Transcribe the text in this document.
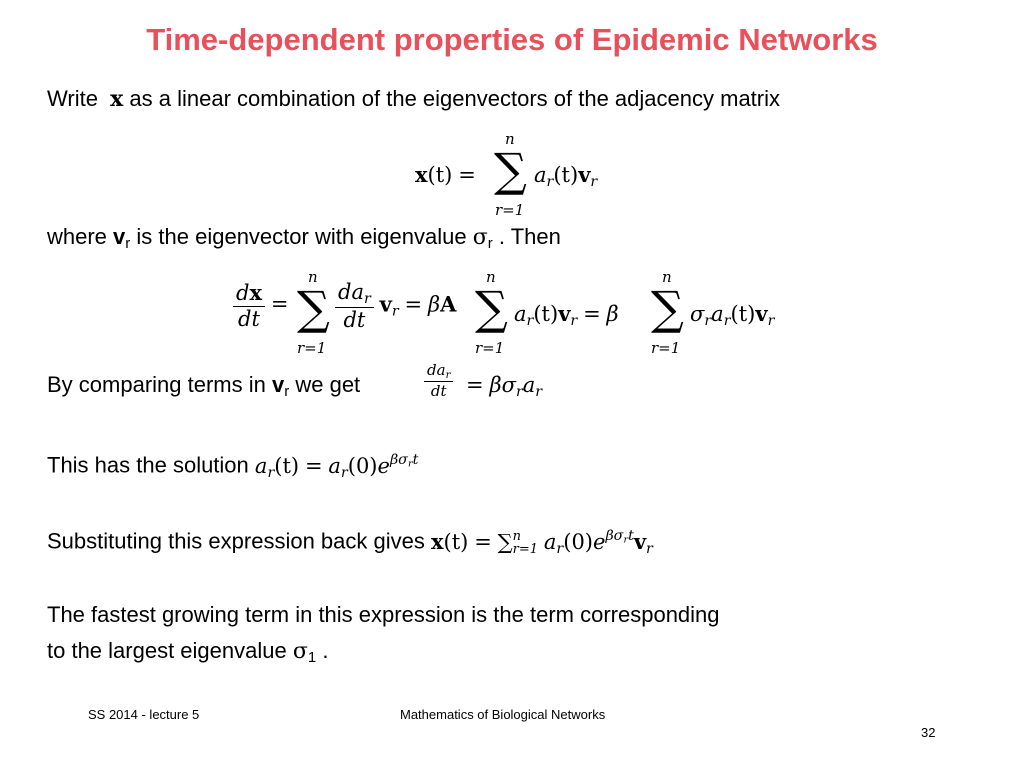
Time-dependent properties of Epidemic Networks
Write x as a linear combination of the eigenvectors of the adjacency matrix
x(t) =
n
∑
r=1
$a_r(t)v_r$
where $v_r$ is the eigenvector with eigenvalue $\sigma_r$ . Then
$\frac{dx}{dt}$ =
n
∑
r=1
$\frac{da_r}{dt} v_r = \beta A$
n
∑
r=1
$a_r(t)v_r = \beta$
n
∑
r=1
$\sigma_ra_r(t)v_r$
By comparing terms in $v_r$ we get	$\frac{da_r}{dt} = \beta\sigma_ra_r$
This has the solution $a_r(t) = a_r(0)e^{\beta\sigma_rt}$
Substituting this expression back gives x(t) = ∑ n
r=1 $a_r(0)e^{\beta\sigma_rt}v_r$
The fastest growing term in this expression is the term corresponding
to the largest eigenvalue $\sigma_1$ .
SS 2014 - lecture 5	Mathematics of Biological Networks
32
